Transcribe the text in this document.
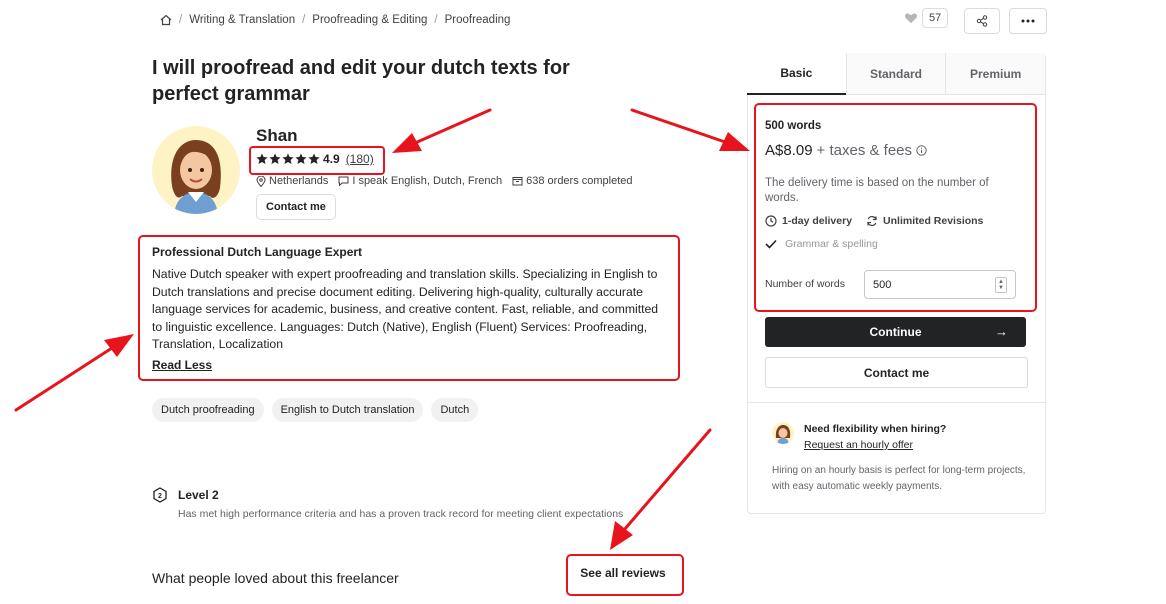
/ Writing & Translation / Proofreading & Editing / Proofreading	57
I will proofread and edit your dutch texts for perfect grammar
Shan
4.9 (180)
Netherlands I speak English, Dutch, French 638 orders completed
Contact me
Professional Dutch Language Expert
Native Dutch speaker with expert proofreading and translation skills. Specializing in English to Dutch translations and precise document editing. Delivering high-quality, culturally accurate language services for academic, business, and creative content. Fast, reliable, and committed to linguistic excellence. Languages: Dutch (Native), English (Fluent) Services: Proofreading, Translation, Localization
Read Less
Dutch proofreading	English to Dutch translation	Dutch
2 Level 2
Has met high performance criteria and has a proven track record for meeting client expectations
What people loved about this freelancer	See all reviews
Basic	Standard	Premium
500 words
A$8.09 + taxes & fees
The delivery time is based on the number of words.
1-day delivery	Unlimited Revisions
Grammar & spelling
Number of words	500	▲
▼
Continue	→
Contact me
Need flexibility when hiring?
Request an hourly offer
Hiring on an hourly basis is perfect for long-term projects, with easy automatic weekly payments.
